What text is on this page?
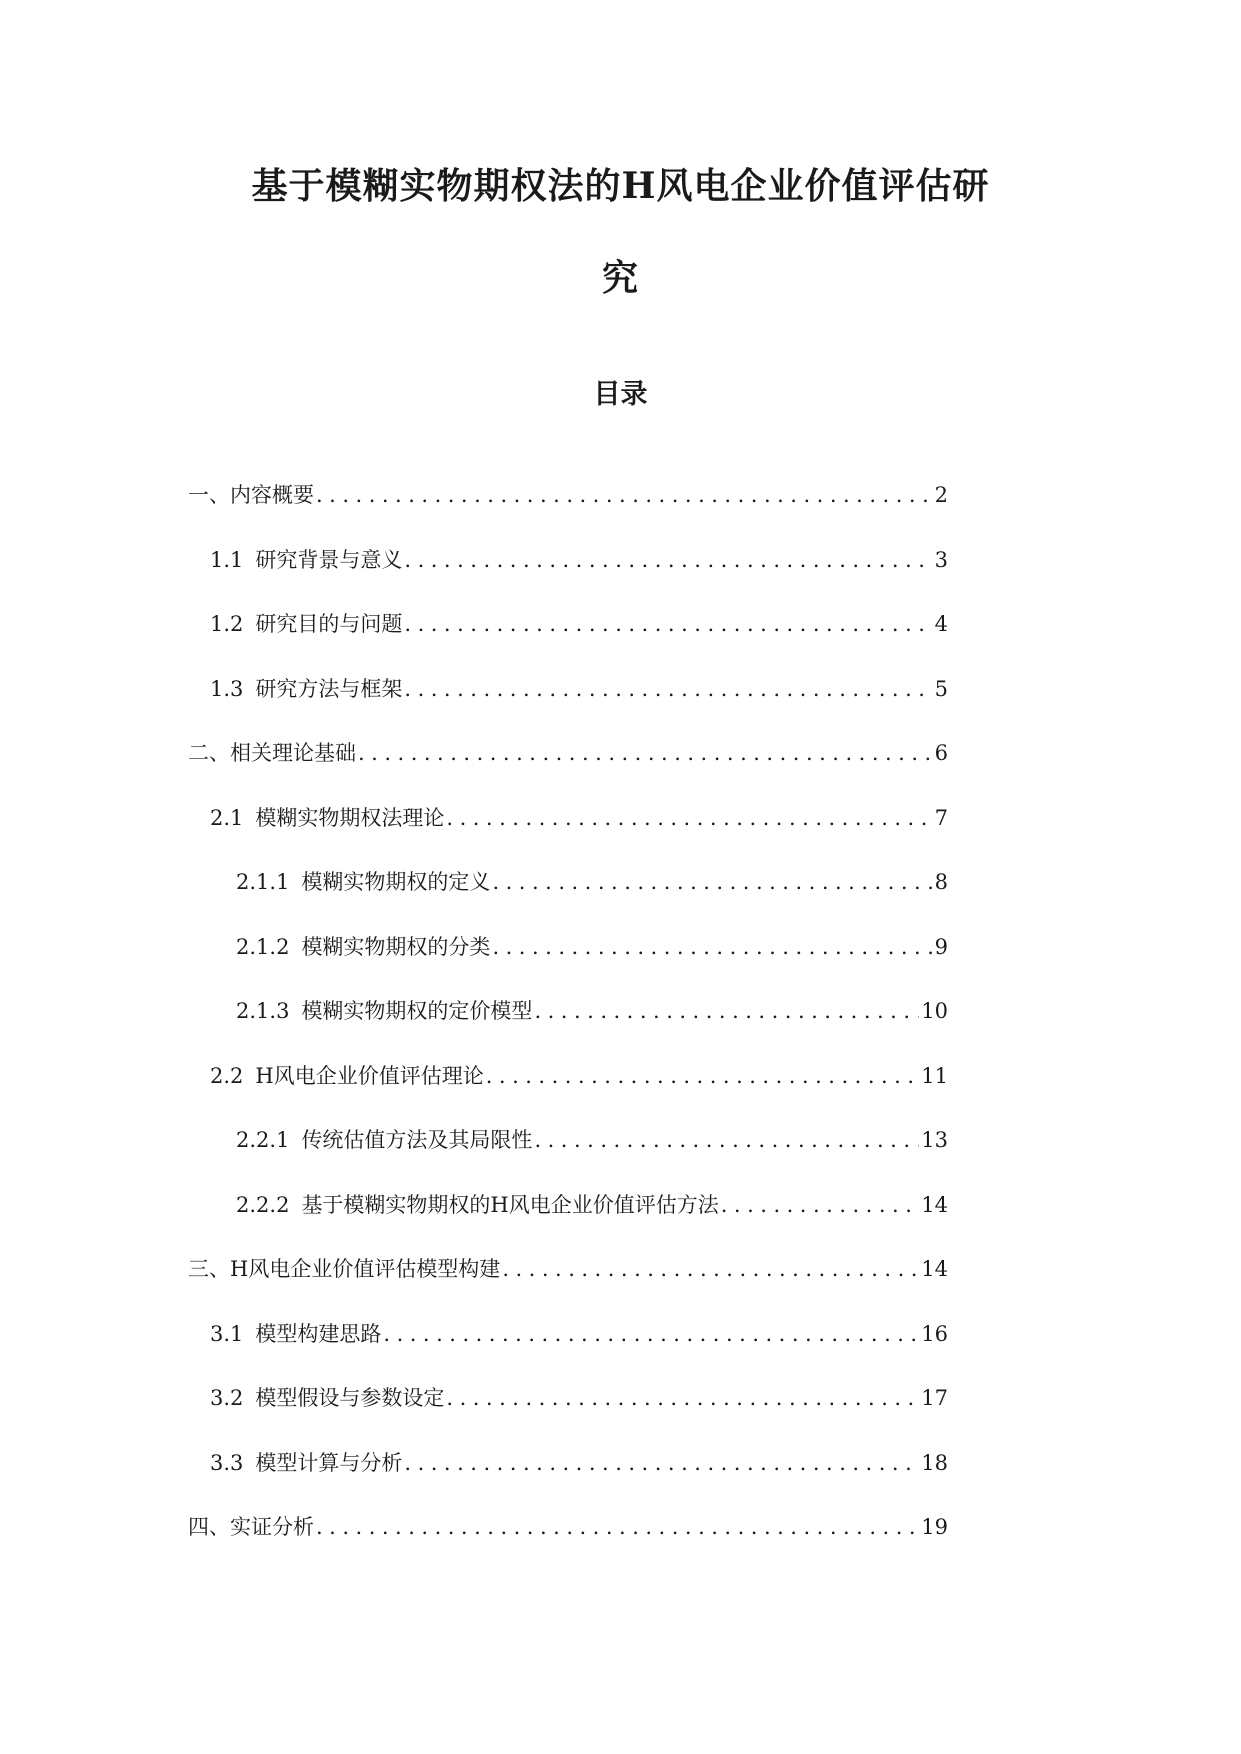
基于模糊实物期权法的H风电企业价值评估研
究
目录
一、内容概要 .....	2
1.1 研究背景与意义 .....	3
1.2 研究目的与问题 .....	4
1.3 研究方法与框架 .....	5
二、相关理论基础 .....	6
2.1 模糊实物期权法理论 .....	7
2.1.1 模糊实物期权的定义 .....	8
2.1.2 模糊实物期权的分类 .....	9
2.1.3 模糊实物期权的定价模型 .....	10
2.2 H风电企业价值评估理论 .....	11
2.2.1 传统估值方法及其局限性 .....	13
2.2.2 基于模糊实物期权的H风电企业价值评估方法 .....	14
三、H风电企业价值评估模型构建 .....	14
3.1 模型构建思路 .....	16
3.2 模型假设与参数设定 .....	17
3.3 模型计算与分析 .....	18
四、实证分析 .....	19
